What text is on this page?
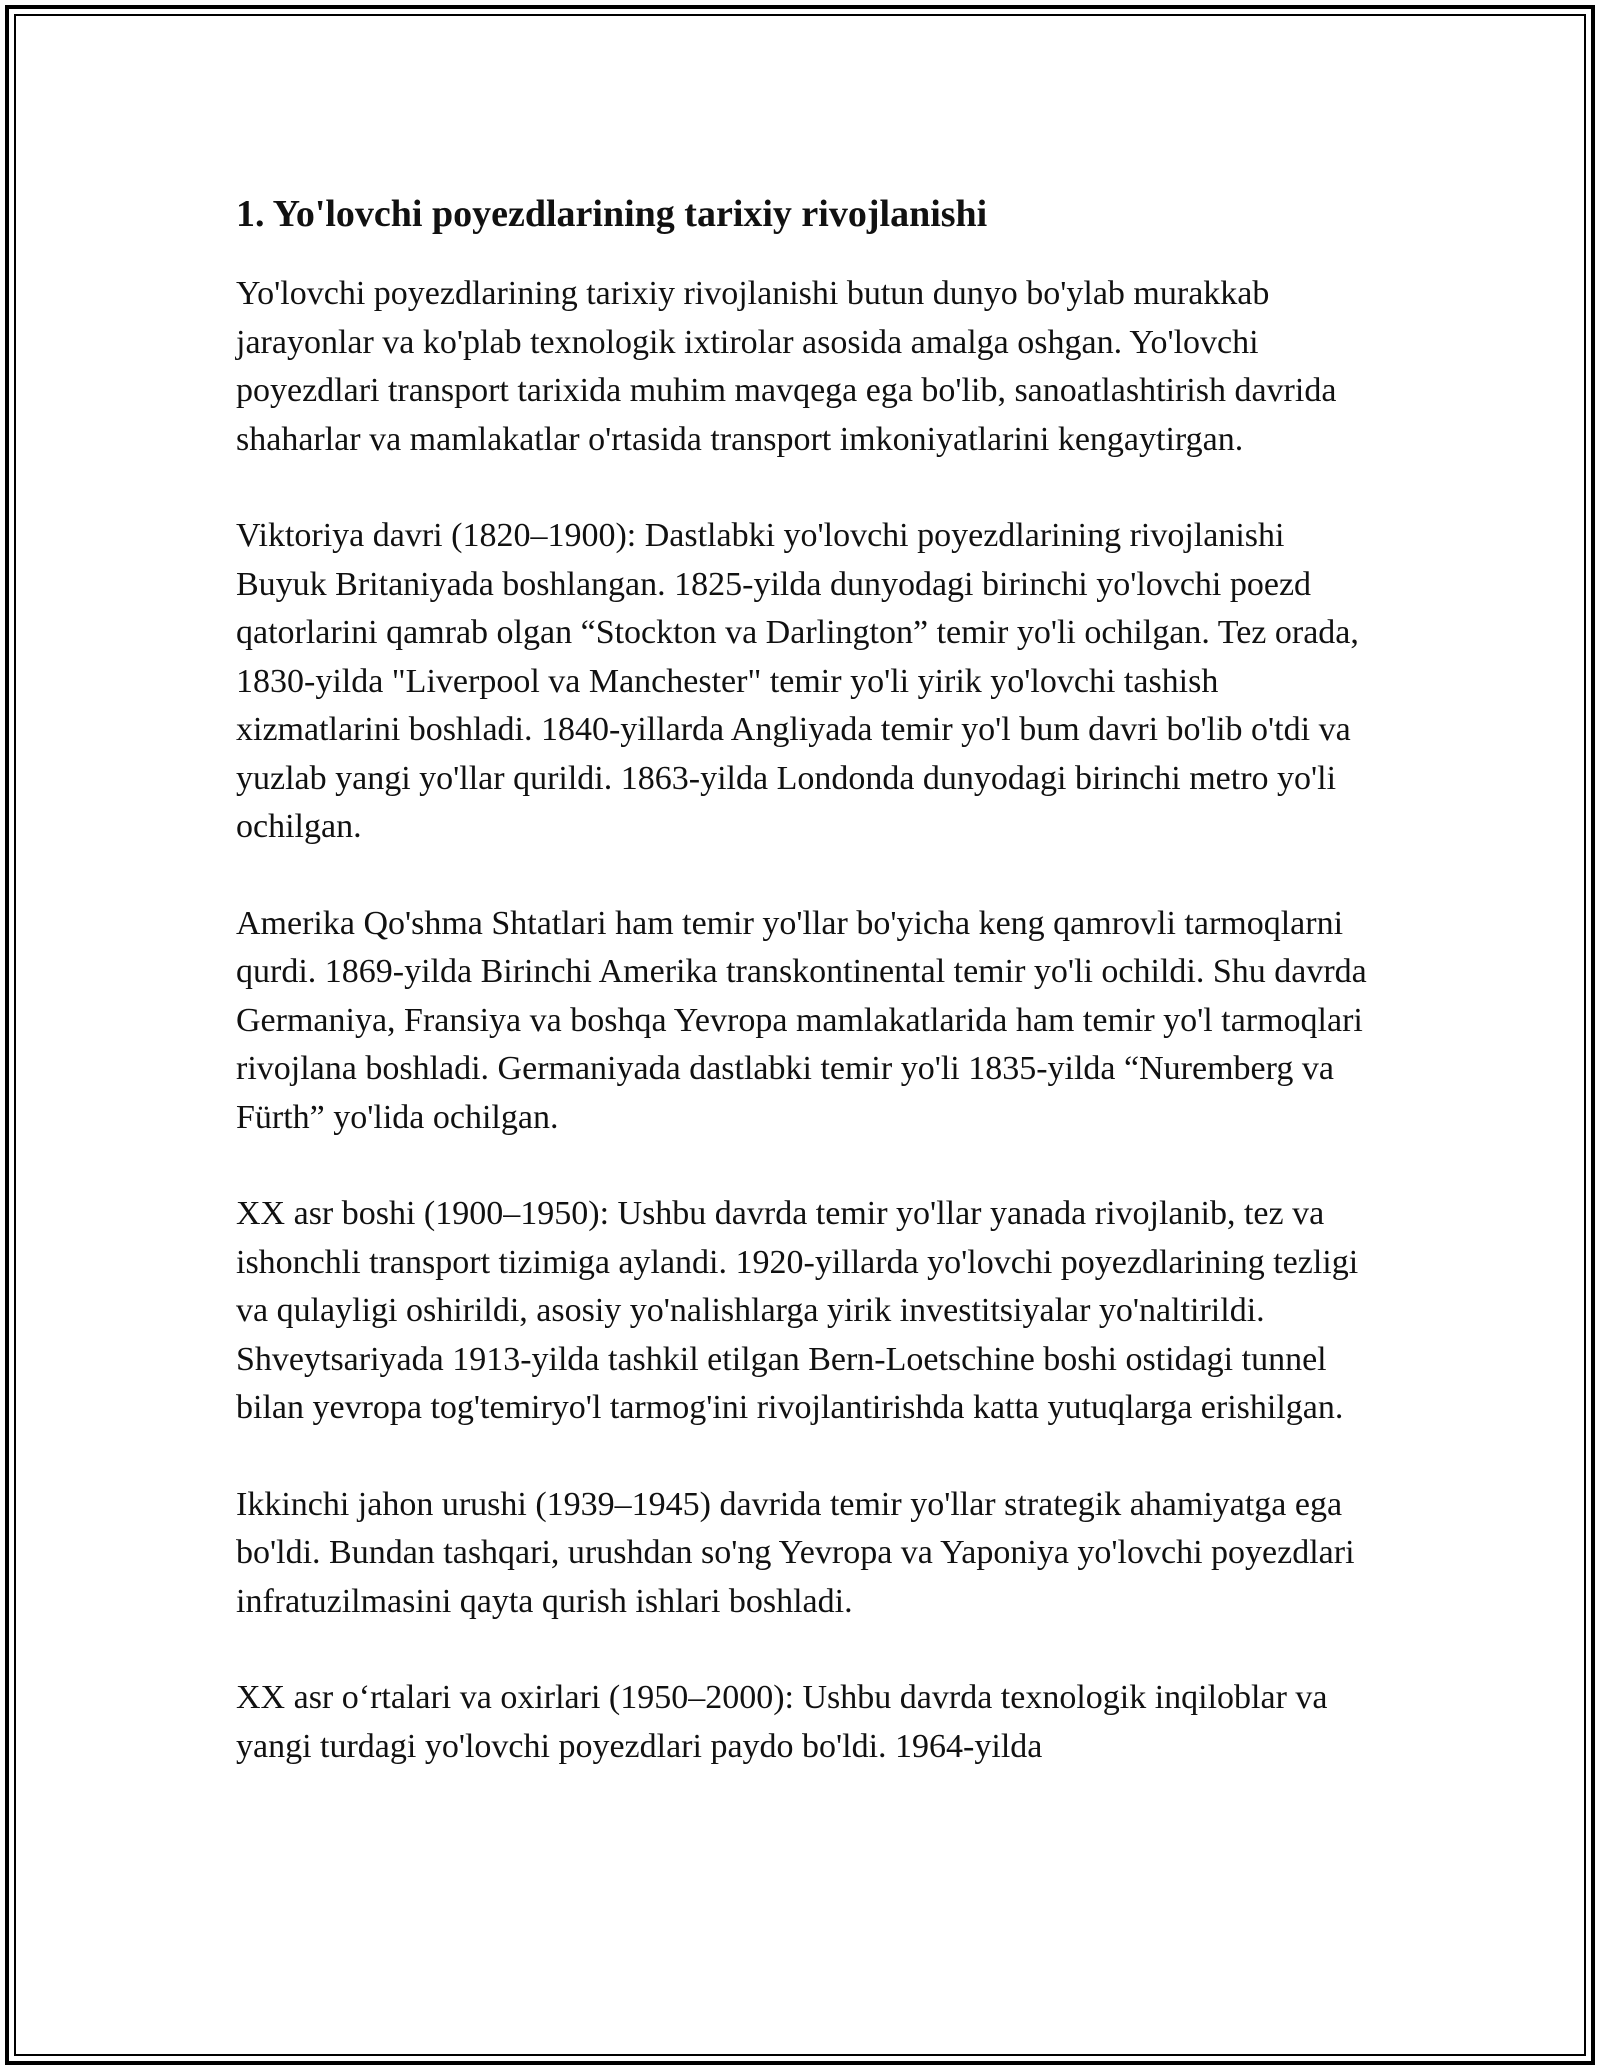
1. Yo'lovchi poyezdlarining tarixiy rivojlanishi

Yo'lovchi poyezdlarining tarixiy rivojlanishi butun dunyo bo'ylab murakkab jarayonlar va ko'plab texnologik ixtirolar asosida amalga oshgan. Yo'lovchi poyezdlari transport tarixida muhim mavqega ega bo'lib, sanoatlashtirish davrida shaharlar va mamlakatlar o'rtasida transport imkoniyatlarini kengaytirgan.

Viktoriya davri (1820–1900): Dastlabki yo'lovchi poyezdlarining rivojlanishi Buyuk Britaniyada boshlangan. 1825-yilda dunyodagi birinchi yo'lovchi poezd qatorlarini qamrab olgan “Stockton va Darlington” temir yo'li ochilgan. Tez orada, 1830-yilda "Liverpool va Manchester" temir yo'li yirik yo'lovchi tashish xizmatlarini boshladi. 1840-yillarda Angliyada temir yo'l bum davri bo'lib o'tdi va yuzlab yangi yo'llar qurildi. 1863-yilda Londonda dunyodagi birinchi metro yo'li ochilgan.

Amerika Qo'shma Shtatlari ham temir yo'llar bo'yicha keng qamrovli tarmoqlarni qurdi. 1869-yilda Birinchi Amerika transkontinental temir yo'li ochildi. Shu davrda Germaniya, Fransiya va boshqa Yevropa mamlakatlarida ham temir yo'l tarmoqlari rivojlana boshladi. Germaniyada dastlabki temir yo'li 1835-yilda “Nuremberg va Fürth” yo'lida ochilgan.

XX asr boshi (1900–1950): Ushbu davrda temir yo'llar yanada rivojlanib, tez va ishonchli transport tizimiga aylandi. 1920-yillarda yo'lovchi poyezdlarining tezligi va qulayligi oshirildi, asosiy yo'nalishlarga yirik investitsiyalar yo'naltirildi. Shveytsariyada 1913-yilda tashkil etilgan Bern-Loetschine boshi ostidagi tunnel bilan yevropa tog'temiryo'l tarmog'ini rivojlantirishda katta yutuqlarga erishilgan.

Ikkinchi jahon urushi (1939–1945) davrida temir yo'llar strategik ahamiyatga ega bo'ldi. Bundan tashqari, urushdan so'ng Yevropa va Yaponiya yo'lovchi poyezdlari infratuzilmasini qayta qurish ishlari boshladi.

XX asr o‘rtalari va oxirlari (1950–2000): Ushbu davrda texnologik inqiloblar va yangi turdagi yo'lovchi poyezdlari paydo bo'ldi. 1964-yilda
